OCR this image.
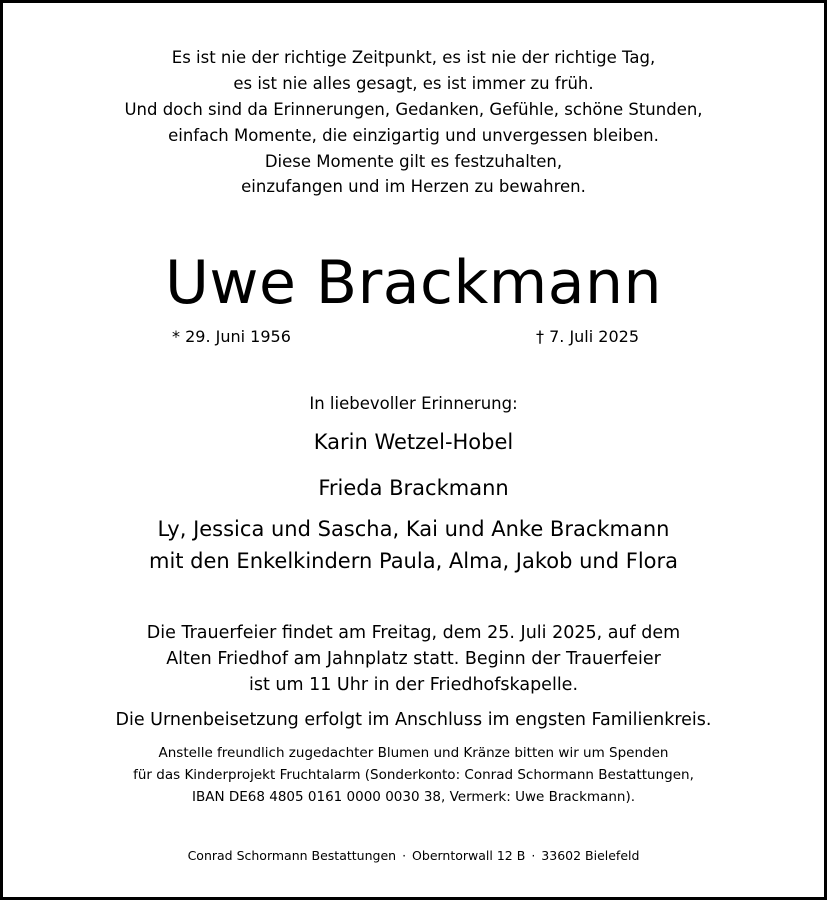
Es ist nie der richtige Zeitpunkt, es ist nie der richtige Tag,
es ist nie alles gesagt, es ist immer zu früh.
Und doch sind da Erinnerungen, Gedanken, Gefühle, schöne Stunden,
einfach Momente, die einzigartig und unvergessen bleiben.
Diese Momente gilt es festzuhalten,
einzufangen und im Herzen zu bewahren.
Uwe Brackmann
* 29. Juni 1956	† 7. Juli 2025
In liebevoller Erinnerung:
Karin Wetzel-Hobel
Frieda Brackmann
Ly, Jessica und Sascha, Kai und Anke Brackmann
mit den Enkelkindern Paula, Alma, Jakob und Flora
Die Trauerfeier findet am Freitag, dem 25. Juli 2025, auf dem
Alten Friedhof am Jahnplatz statt. Beginn der Trauerfeier
ist um 11 Uhr in der Friedhofskapelle.
Die Urnenbeisetzung erfolgt im Anschluss im engsten Familienkreis.
Anstelle freundlich zugedachter Blumen und Kränze bitten wir um Spenden
für das Kinderprojekt Fruchtalarm (Sonderkonto: Conrad Schormann Bestattungen,
IBAN DE68 4805 0161 0000 0030 38, Vermerk: Uwe Brackmann).
Conrad Schormann Bestattungen · Oberntorwall 12 B · 33602 Bielefeld
